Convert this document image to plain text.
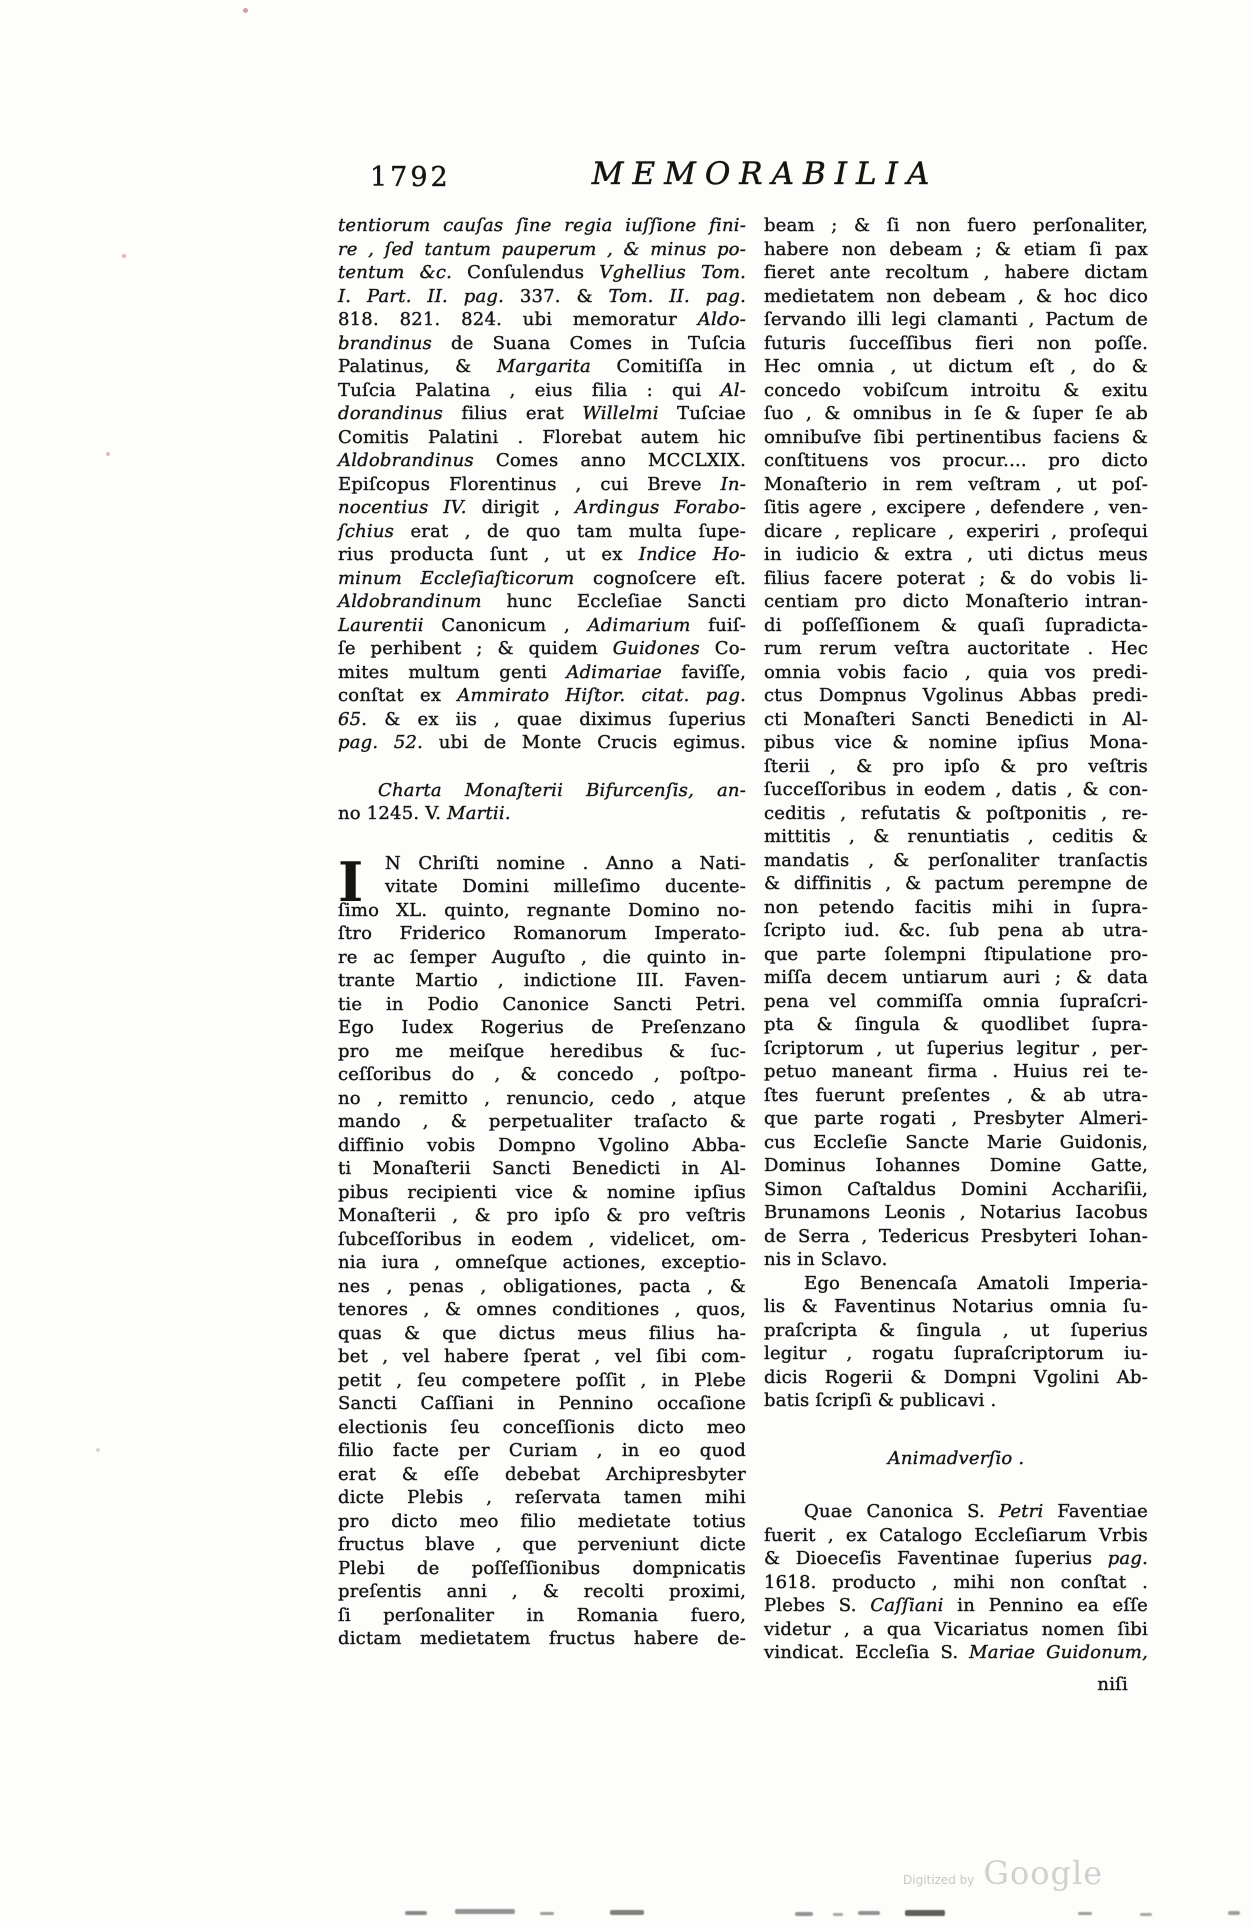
1792	MEMORABILIA
tentiorum cauſas ſine regia iuſſione fini-
re , ſed tantum pauperum , & minus po-
tentum &c. Conſulendus Vghellius Tom.
I. Part. II. pag. 337. & Tom. II. pag.
818. 821. 824. ubi memoratur Aldo-
brandinus de Suana Comes in Tuſcia
Palatinus, & Margarita Comitiſſa in
Tuſcia Palatina , eius filia : qui Al-
dorandinus filius erat Willelmi Tuſciae
Comitis Palatini . Florebat autem hic
Aldobrandinus Comes anno MCCLXIX.
Epiſcopus Florentinus , cui Breve In-
nocentius IV. dirigit , Ardingus Forabo-
ſchius erat , de quo tam multa ſupe-
rius producta ſunt , ut ex Indice Ho-
minum Eccleſiaſticorum cognoſcere eſt.
Aldobrandinum hunc Eccleſiae Sancti
Laurentii Canonicum , Adimarium fuiſ-
ſe perhibent ; & quidem Guidones Co-
mites multum genti Adimariae faviſſe,
conſtat ex Ammirato Hiſtor. citat. pag.
65. & ex iis , quae diximus ſuperius
pag. 52. ubi de Monte Crucis egimus.
Charta Monaſterii Bifurcenſis, an-
no 1245. V. Martii.
I	N Chriſti nomine . Anno a Nati-
vitate Domini milleſimo ducente-
ſimo XL. quinto, regnante Domino no-
ſtro Friderico Romanorum Imperato-
re ac ſemper Auguſto , die quinto in-
trante Martio , indictione III. Faven-
tie in Podio Canonice Sancti Petri.
Ego Iudex Rogerius de Preſenzano
pro me meiſque heredibus & ſuc-
ceſſoribus do , & concedo , poſtpo-
no , remitto , renuncio, cedo , atque
mando , & perpetualiter traſacto &
diffinio vobis Dompno Vgolino Abba-
ti Monaſterii Sancti Benedicti in Al-
pibus recipienti vice & nomine ipſius
Monaſterii , & pro ipſo & pro veſtris
ſubceſſoribus in eodem , videlicet, om-
nia iura , omneſque actiones, exceptio-
nes , penas , obligationes, pacta , &
tenores , & omnes conditiones , quos,
quas & que dictus meus filius ha-
bet , vel habere ſperat , vel ſibi com-
petit , ſeu competere poſſit , in Plebe
Sancti Caſſiani in Pennino occaſione
electionis ſeu conceſſionis dicto meo
filio facte per Curiam , in eo quod
erat & eſſe debebat Archipresbyter
dicte Plebis , reſervata tamen mihi
pro dicto meo filio medietate totius
fructus blave , que perveniunt dicte
Plebi de poſſeſſionibus dompnicatis
preſentis anni , & recolti proximi,
ſi perſonaliter in Romania fuero,
dictam medietatem fructus habere de-
beam ; & ſi non fuero perſonaliter,
habere non debeam ; & etiam ſi pax
fieret ante recoltum , habere dictam
medietatem non debeam , & hoc dico
ſervando illi legi clamanti , Pactum de
futuris ſucceſſibus fieri non poſſe.
Hec omnia , ut dictum eſt , do &
concedo vobiſcum introitu & exitu
ſuo , & omnibus in ſe & ſuper ſe ab
omnibuſve ſibi pertinentibus faciens &
conſtituens vos procur.... pro dicto
Monaſterio in rem veſtram , ut poſ-
ſitis agere , excipere , defendere , ven-
dicare , replicare , experiri , proſequi
in iudicio & extra , uti dictus meus
filius facere poterat ; & do vobis li-
centiam pro dicto Monaſterio intran-
di poſſeſſionem & quaſi ſupradicta-
rum rerum veſtra auctoritate . Hec
omnia vobis facio , quia vos predi-
ctus Dompnus Vgolinus Abbas predi-
cti Monaſteri Sancti Benedicti in Al-
pibus vice & nomine ipſius Mona-
ſterii , & pro ipſo & pro veſtris
ſucceſſoribus in eodem , datis , & con-
ceditis , refutatis & poſtponitis , re-
mittitis , & renuntiatis , ceditis &
mandatis , & perſonaliter tranſactis
& diffinitis , & pactum perempne de
non petendo facitis mihi in ſupra-
ſcripto iud. &c. ſub pena ab utra-
que parte ſolempni ſtipulatione pro-
miſſa decem untiarum auri ; & data
pena vel commiſſa omnia ſupraſcri-
pta & ſingula & quodlibet ſupra-
ſcriptorum , ut ſuperius legitur , per-
petuo maneant firma . Huius rei te-
ſtes fuerunt preſentes , & ab utra-
que parte rogati , Presbyter Almeri-
cus Eccleſie Sancte Marie Guidonis,
Dominus Iohannes Domine Gatte,
Simon Caſtaldus Domini Acchariſii,
Brunamons Leonis , Notarius Iacobus
de Serra , Tedericus Presbyteri Iohan-
nis in Sclavo.
Ego Benencaſa Amatoli Imperia-
lis & Faventinus Notarius omnia ſu-
praſcripta & ſingula , ut ſuperius
legitur , rogatu ſupraſcriptorum iu-
dicis Rogerii & Dompni Vgolini Ab-
batis ſcripſi & publicavi .
Animadverſio .
Quae Canonica S. Petri Faventiae
fuerit , ex Catalogo Eccleſiarum Vrbis
& Dioeceſis Faventinae ſuperius pag.
1618. producto , mihi non conſtat .
Plebes S. Caſſiani in Pennino ea eſſe
videtur , a qua Vicariatus nomen ſibi
vindicat. Eccleſia S. Mariae Guidonum,
niſi
Digitized by Google
